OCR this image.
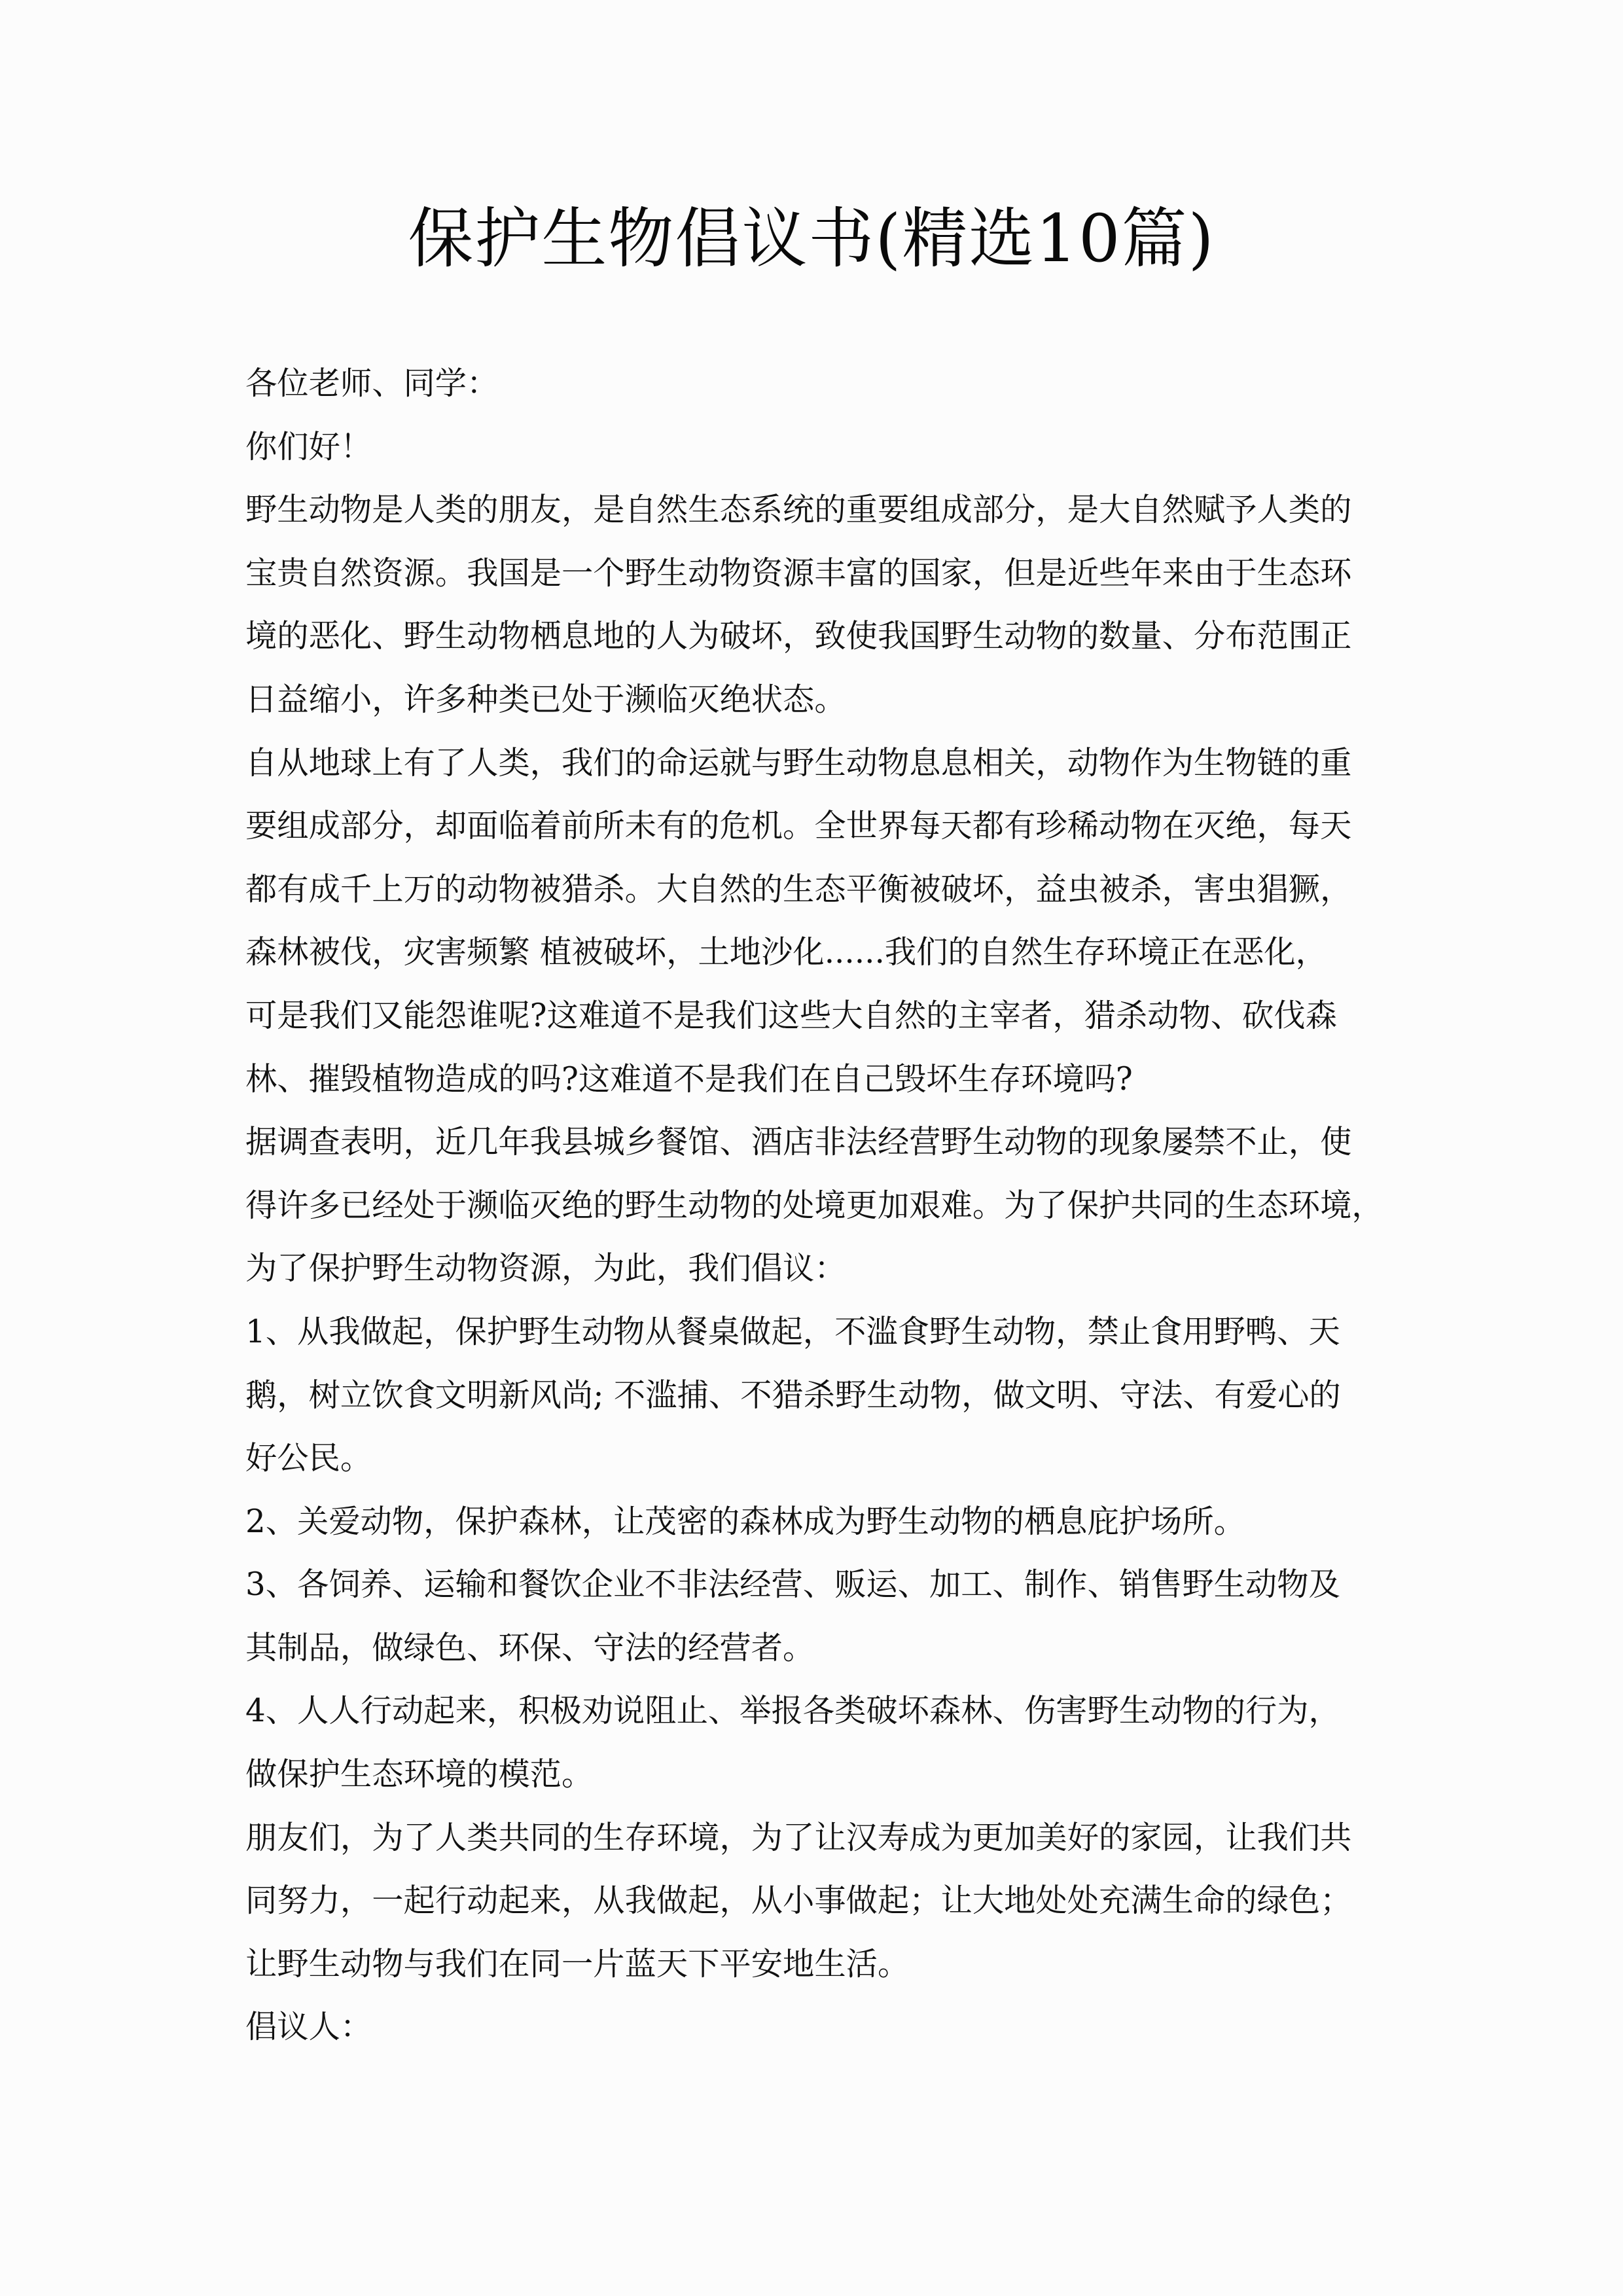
保护生物倡议书(精选10篇)
各位老师、同学：
你们好！
野生动物是人类的朋友，是自然生态系统的重要组成部分，是大自然赋予人类的
宝贵自然资源。我国是一个野生动物资源丰富的国家，但是近些年来由于生态环
境的恶化、野生动物栖息地的人为破坏，致使我国野生动物的数量、分布范围正
日益缩小，许多种类已处于濒临灭绝状态。
自从地球上有了人类，我们的命运就与野生动物息息相关，动物作为生物链的重
要组成部分，却面临着前所未有的危机。全世界每天都有珍稀动物在灭绝，每天
都有成千上万的动物被猎杀。大自然的生态平衡被破坏，益虫被杀，害虫猖獗，
森林被伐，灾害频繁 植被破坏，土地沙化......我们的自然生存环境正在恶化，
可是我们又能怨谁呢?这难道不是我们这些大自然的主宰者，猎杀动物、砍伐森
林、摧毁植物造成的吗?这难道不是我们在自己毁坏生存环境吗?
据调查表明，近几年我县城乡餐馆、酒店非法经营野生动物的现象屡禁不止，使
得许多已经处于濒临灭绝的野生动物的处境更加艰难。为了保护共同的生态环境，
为了保护野生动物资源，为此，我们倡议：
1、从我做起，保护野生动物从餐桌做起，不滥食野生动物，禁止食用野鸭、天
鹅，树立饮食文明新风尚; 不滥捕、不猎杀野生动物，做文明、守法、有爱心的
好公民。
2、关爱动物，保护森林，让茂密的森林成为野生动物的栖息庇护场所。
3、各饲养、运输和餐饮企业不非法经营、贩运、加工、制作、销售野生动物及
其制品，做绿色、环保、守法的经营者。
4、人人行动起来，积极劝说阻止、举报各类破坏森林、伤害野生动物的行为，
做保护生态环境的模范。
朋友们，为了人类共同的生存环境，为了让汉寿成为更加美好的家园，让我们共
同努力，一起行动起来，从我做起，从小事做起；让大地处处充满生命的绿色；
让野生动物与我们在同一片蓝天下平安地生活。
倡议人：
